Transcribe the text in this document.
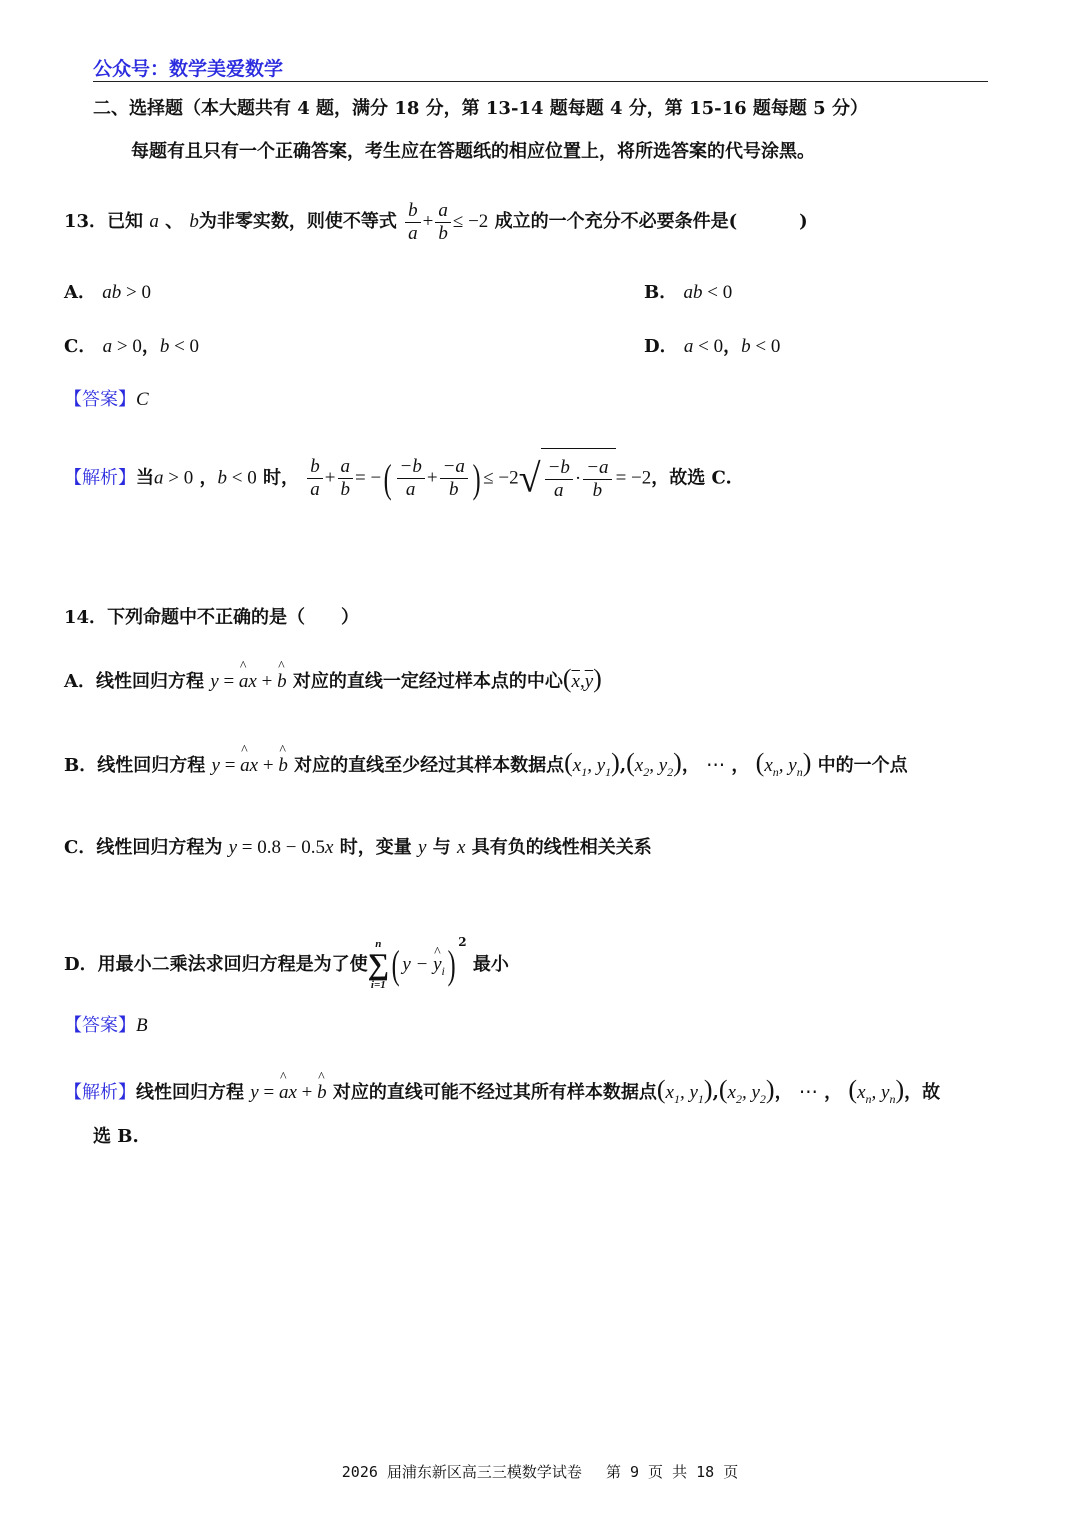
公众号：数学美爱数学
二、选择题（本大题共有 4 题，满分 18 分，第 13-14 题每题 4 分，第 15-16 题每题 5 分）
每题有且只有一个正确答案，考生应在答题纸的相应位置上，将所选答案的代号涂黑。
13．已知 a 、 b为非零实数，则使不等式 $\frac{b}{a} + \frac{a}{b} \le -2$ 成立的一个充分不必要条件是(	)
A． ab > 0	B． ab < 0
C． a > 0，b < 0	D． a < 0，b < 0
【答案】C
【解析】当a > 0 ，b < 0 时， $\frac{b}{a} + \frac{a}{b}$ = −( $\frac{-b}{a} + \frac{-a}{b}$ ) ≤ $-2√ \frac{-b}{a} \cdot \frac{-a}{b} = -2$，故选 C.
14．下列命题中不正确的是（　　）
A．线性回归方程 y = ^ ax + ^ b 对应的直线一定经过样本点的中心$(\overline{x},\overline{y})$
B．线性回归方程 y = ^ ax + ^ b 对应的直线至少经过其样本数据点($x_1$, $y_1),(x_2$, $y_2$)， ⋯ ， ($x_n$, $y_n$) 中的一个点
C．线性回归方程为 y = 0.8 − 0.5x 时，变量 y 与 x 具有负的线性相关关系
D．用最小二乘法求回归方程是为了使
n
∑
i=1 ( y − ^ $y_i$) $^2$ 最小
【答案】B
【解析】线性回归方程 y = ^ ax + ^ b 对应的直线可能不经过其所有样本数据点($x_1$, $y_1),(x_2$, $y_2$)， ⋯ ， ($x_n$, $y_n$)，故
选 B.
2026 届浦东新区高三三模数学试卷　 第 9 页 共 18 页
